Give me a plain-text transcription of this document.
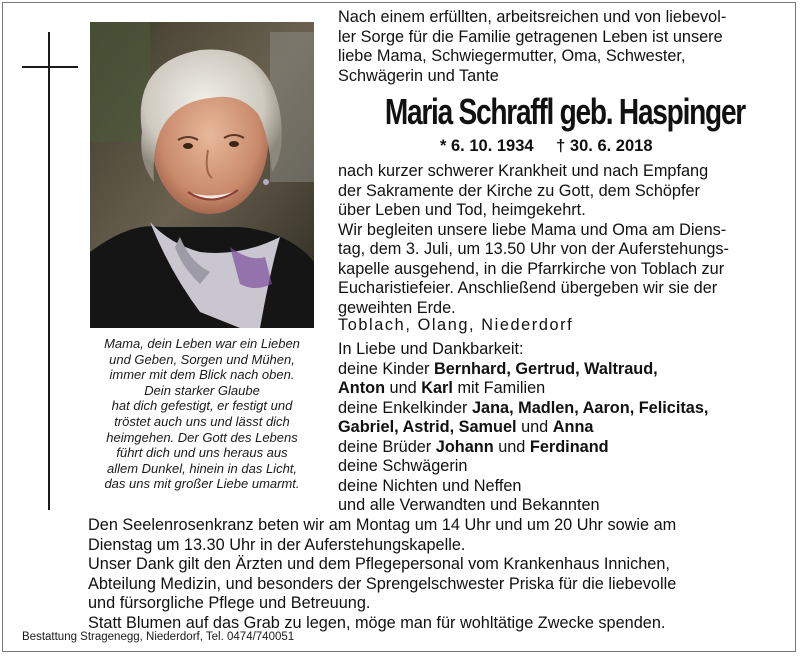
Mama, dein Leben war ein Lieben
und Geben, Sorgen und Mühen,
immer mit dem Blick nach oben.
Dein starker Glaube
hat dich gefestigt, er festigt und
tröstet auch uns und lässt dich
heimgehen. Der Gott des Lebens
führt dich und uns heraus aus
allem Dunkel, hinein in das Licht,
das uns mit großer Liebe umarmt.
Nach einem erfüllten, arbeitsreichen und von liebevol-
ler Sorge für die Familie getragenen Leben ist unsere
liebe Mama, Schwiegermutter, Oma, Schwester,
Schwägerin und Tante
Maria Schraffl geb. Haspinger
* 6. 10. 1934 † 30. 6. 2018
nach kurzer schwerer Krankheit und nach Empfang
der Sakramente der Kirche zu Gott, dem Schöpfer
über Leben und Tod, heimgekehrt.
Wir begleiten unsere liebe Mama und Oma am Diens-
tag, dem 3. Juli, um 13.50 Uhr von der Auferstehungs-
kapelle ausgehend, in die Pfarrkirche von Toblach zur
Eucharistiefeier. Anschließend übergeben wir sie der
geweihten Erde.
Toblach, Olang, Niederdorf
In Liebe und Dankbarkeit:
deine Kinder Bernhard, Gertrud, Waltraud,
Anton und Karl mit Familien
deine Enkelkinder Jana, Madlen, Aaron, Felicitas,
Gabriel, Astrid, Samuel und Anna
deine Brüder Johann und Ferdinand
deine Schwägerin
deine Nichten und Neffen
und alle Verwandten und Bekannten
Den Seelenrosenkranz beten wir am Montag um 14 Uhr und um 20 Uhr sowie am
Dienstag um 13.30 Uhr in der Auferstehungskapelle.
Unser Dank gilt den Ärzten und dem Pflegepersonal vom Krankenhaus Innichen,
Abteilung Medizin, und besonders der Sprengelschwester Priska für die liebevolle
und fürsorgliche Pflege und Betreuung.
Statt Blumen auf das Grab zu legen, möge man für wohltätige Zwecke spenden.
Bestattung Stragenegg, Niederdorf, Tel. 0474/740051
